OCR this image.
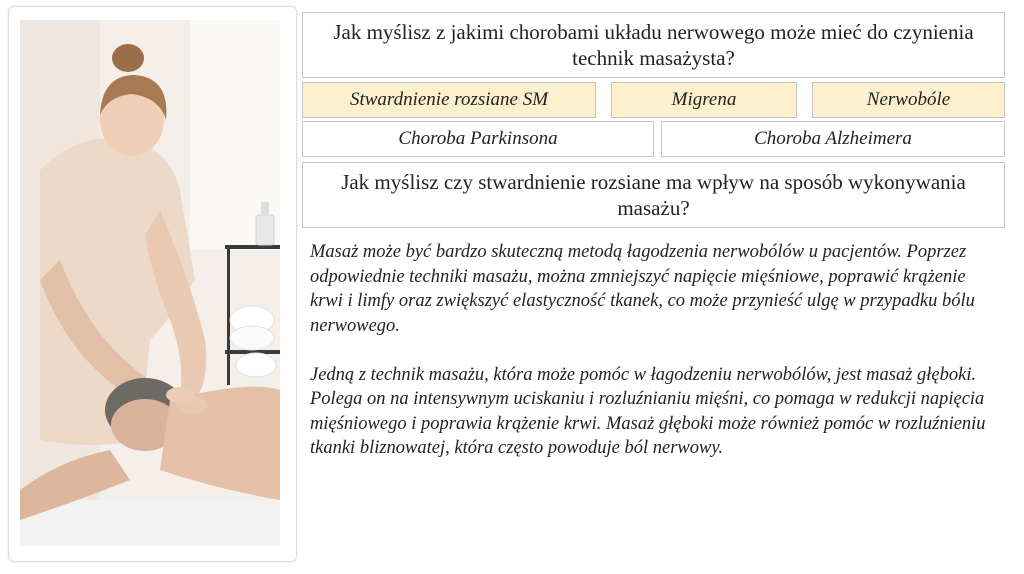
Jak myślisz z jakimi chorobami układu nerwowego może mieć do czynienia technik masażysta?
Stwardnienie rozsiane SM	Migrena	Nerwobóle
Choroba Parkinsona	Choroba Alzheimera
Jak myślisz czy stwardnienie rozsiane ma wpływ na sposób wykonywania masażu?

Masaż może być bardzo skuteczną metodą łagodzenia nerwobólów u pacjentów. Poprzez odpowiednie techniki masażu, można zmniejszyć napięcie mięśniowe, poprawić krążenie krwi i limfy oraz zwiększyć elastyczność tkanek, co może przynieść ulgę w przypadku bólu nerwowego.

Jedną z technik masażu, która może pomóc w łagodzeniu nerwobólów, jest masaż głęboki. Polega on na intensywnym uciskaniu i rozluźnianiu mięśni, co pomaga w redukcji napięcia mięśniowego i poprawia krążenie krwi. Masaż głęboki może również pomóc w rozluźnieniu tkanki bliznowatej, która często powoduje ból nerwowy.
